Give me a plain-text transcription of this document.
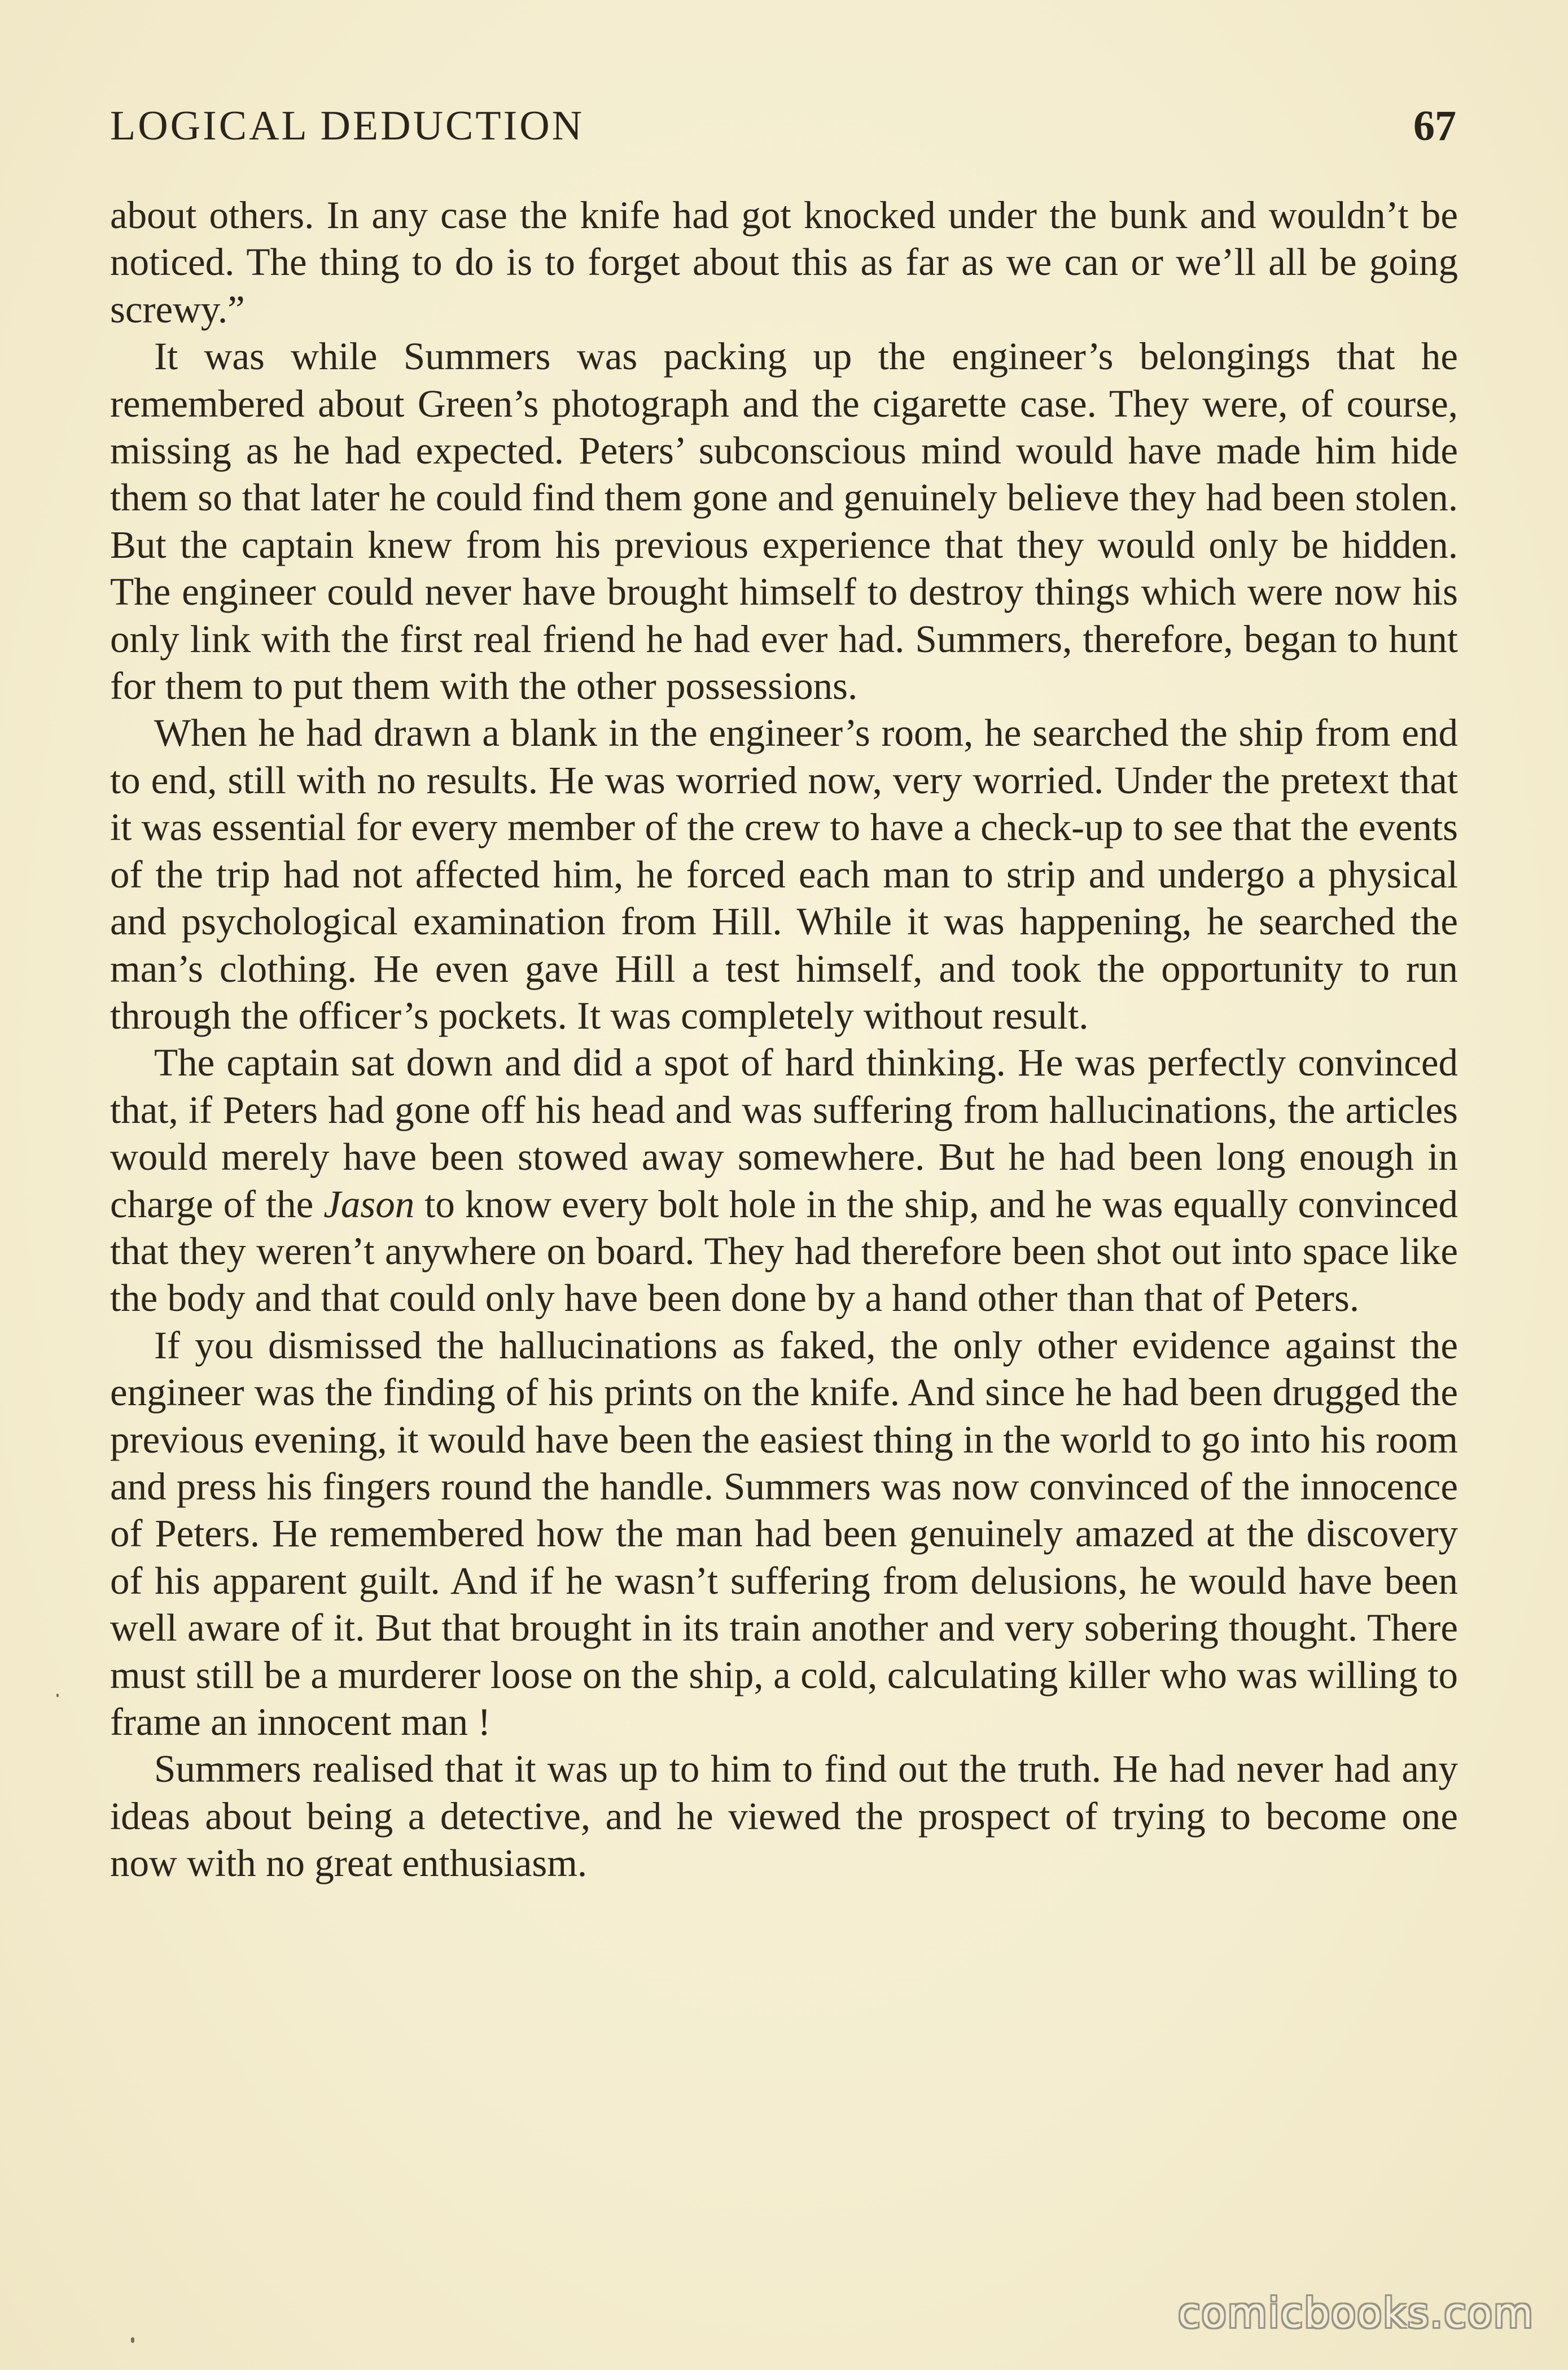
LOGICAL DEDUCTION	67

about others. In any case the knife had got knocked under the bunk and wouldn’t be noticed. The thing to do is to forget about this as far as we can or we’ll all be going screwy.”

It was while Summers was packing up the engineer’s belongings that he remembered about Green’s photograph and the cigarette case. They were, of course, missing as he had expected. Peters’ subconscious mind would have made him hide them so that later he could find them gone and genuinely believe they had been stolen. But the captain knew from his previous experience that they would only be hidden. The engineer could never have brought himself to destroy things which were now his only link with the first real friend he had ever had. Summers, therefore, began to hunt for them to put them with the other possessions.

When he had drawn a blank in the engineer’s room, he searched the ship from end to end, still with no results. He was worried now, very worried. Under the pretext that it was essential for every member of the crew to have a check-up to see that the events of the trip had not affected him, he forced each man to strip and undergo a physical and psychological examination from Hill. While it was happening, he searched the man’s clothing. He even gave Hill a test himself, and took the opportunity to run through the officer’s pockets. It was completely without result.

The captain sat down and did a spot of hard thinking. He was perfectly convinced that, if Peters had gone off his head and was suffering from hallucinations, the articles would merely have been stowed away somewhere. But he had been long enough in charge of the Jason to know every bolt hole in the ship, and he was equally convinced that they weren’t anywhere on board. They had therefore been shot out into space like the body and that could only have been done by a hand other than that of Peters.

If you dismissed the hallucinations as faked, the only other evidence against the engineer was the finding of his prints on the knife. And since he had been drugged the previous evening, it would have been the easiest thing in the world to go into his room and press his fingers round the handle. Summers was now convinced of the innocence of Peters. He remembered how the man had been genuinely amazed at the discovery of his apparent guilt. And if he wasn’t suffering from delusions, he would have been well aware of it. But that brought in its train another and very sobering thought. There must still be a murderer loose on the ship, a cold, calculating killer who was willing to frame an innocent man !

Summers realised that it was up to him to find out the truth. He had never had any ideas about being a detective, and he viewed the prospect of trying to become one now with no great enthusiasm.

comicbooks.com
